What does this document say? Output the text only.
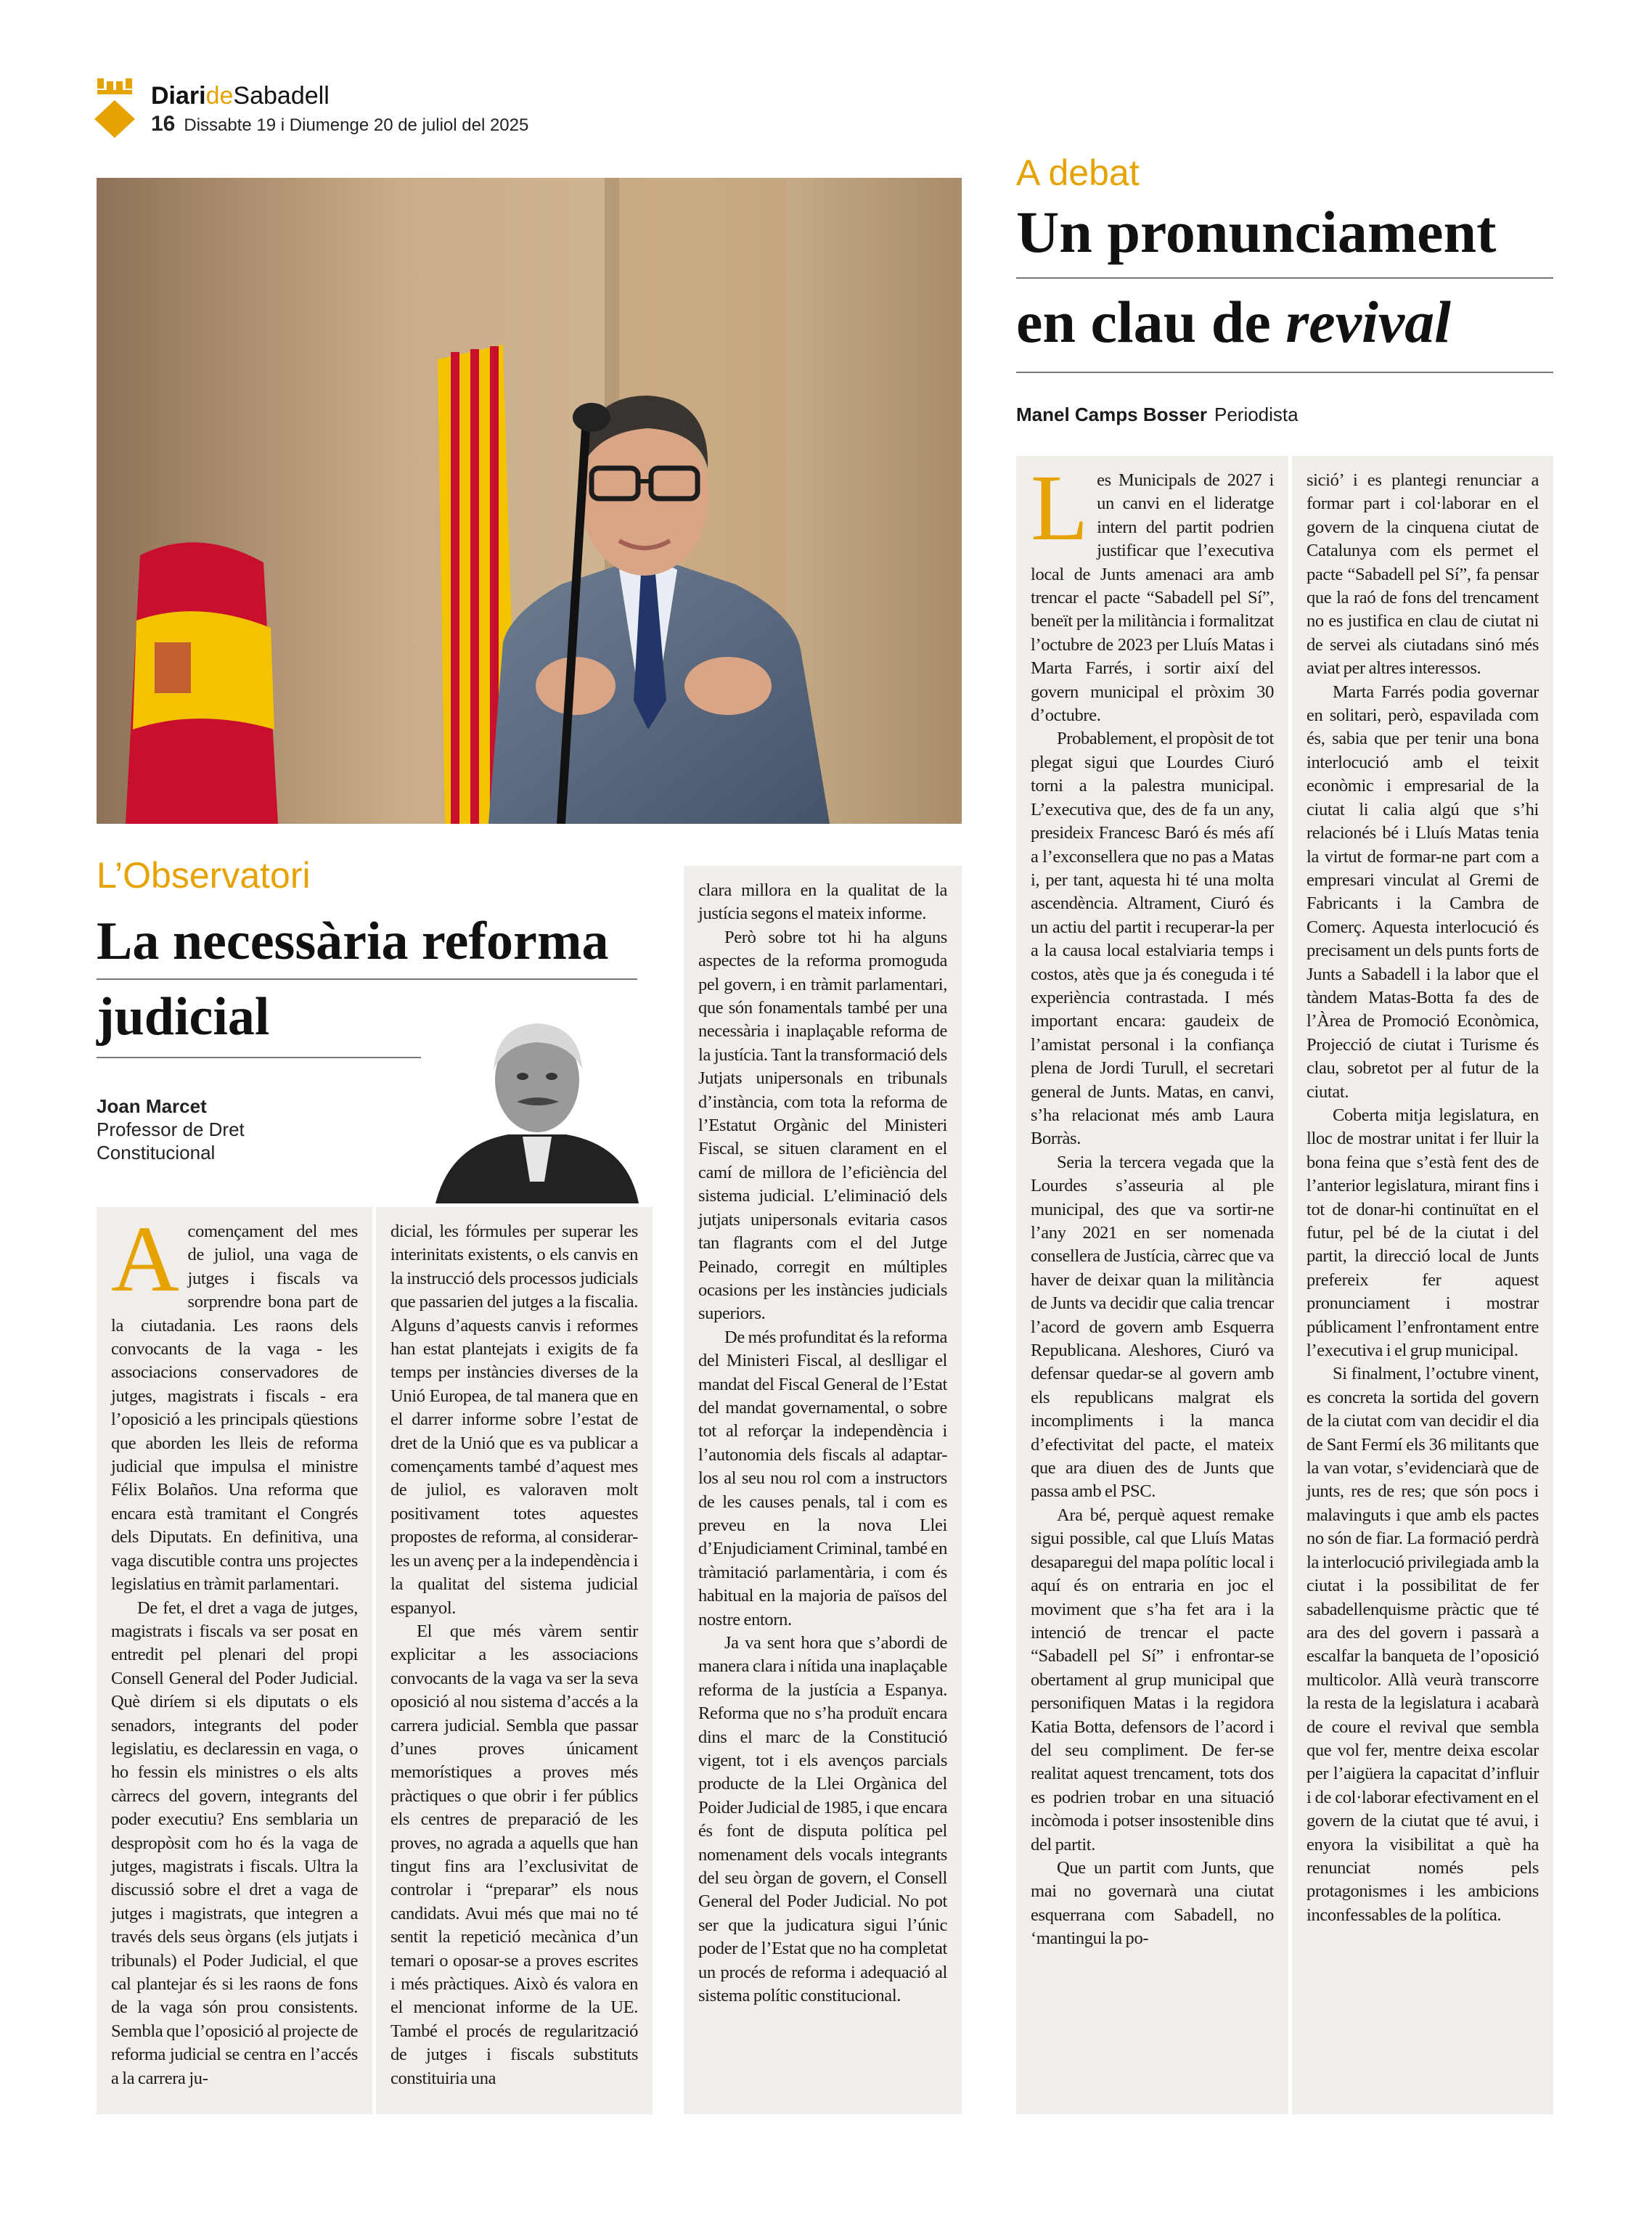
DiarideSabadell
16 Dissabte 19 i Diumenge 20 de juliol del 2025
A debat
Un pronunciament
en clau de revival
Manel Camps Bosser Periodista
L’Observatori
La necessària reforma
judicial
Joan Marcet
Professor de Dret
Constitucional

A començament del mes de juliol, una vaga de jutges i fiscals va sorprendre bona part de la ciutadania. Les raons dels convocants de la vaga - les associacions conservadores de jutges, magistrats i fiscals - era l’oposició a les principals qüestions que aborden les lleis de reforma judicial que impulsa el ministre Félix Bolaños. Una reforma que encara està tramitant el Congrés dels Diputats. En definitiva, una vaga discutible contra uns projectes legislatius en tràmit parlamentari.

De fet, el dret a vaga de jutges, magistrats i fiscals va ser posat en entredit pel plenari del propi Consell General del Poder Judicial. Què diríem si els diputats o els senadors, integrants del poder legislatiu, es declaressin en vaga, o ho fessin els ministres o els alts càrrecs del govern, integrants del poder executiu? Ens semblaria un despropòsit com ho és la vaga de jutges, magistrats i fiscals. Ultra la discussió sobre el dret a vaga de jutges i magistrats, que integren a través dels seus òrgans (els jutjats i tribunals) el Poder Judicial, el que cal plantejar és si les raons de fons de la vaga són prou consistents. Sembla que l’oposició al projecte de reforma judicial se centra en l’accés a la carrera ju-

dicial, les fórmules per superar les interinitats existents, o els canvis en la instrucció dels processos judicials que passarien del jutges a la fiscalia. Alguns d’aquests canvis i reformes han estat plantejats i exigits de fa temps per instàncies diverses de la Unió Europea, de tal manera que en el darrer informe sobre l’estat de dret de la Unió que es va publicar a començaments també d’aquest mes de juliol, es valoraven molt positivament totes aquestes propostes de reforma, al considerar-les un avenç per a la independència i la qualitat del sistema judicial espanyol.

El que més vàrem sentir explicitar a les associacions convocants de la vaga va ser la seva oposició al nou sistema d’accés a la carrera judicial. Sembla que passar d’unes proves únicament memorístiques a proves més pràctiques o que obrir i fer públics els centres de preparació de les proves, no agrada a aquells que han tingut fins ara l’exclusivitat de controlar i “preparar” els nous candidats. Avui més que mai no té sentit la repetició mecànica d’un temari o oposar-se a proves escrites i més pràctiques. Això és valora en el mencionat informe de la UE. També el procés de regularització de jutges i fiscals substituts constituiria una

clara millora en la qualitat de la justícia segons el mateix informe.

Però sobre tot hi ha alguns aspectes de la reforma promoguda pel govern, i en tràmit parlamentari, que són fonamentals també per una necessària i inaplaçable reforma de la justícia. Tant la transformació dels Jutjats unipersonals en tribunals d’instància, com tota la reforma de l’Estatut Orgànic del Ministeri Fiscal, se situen clarament en el camí de millora de l’eficiència del sistema judicial. L’eliminació dels jutjats unipersonals evitaria casos tan flagrants com el del Jutge Peinado, corregit en múltiples ocasions per les instàncies judicials superiors.

De més profunditat és la reforma del Ministeri Fiscal, al deslligar el mandat del Fiscal General de l’Estat del mandat governamental, o sobre tot al reforçar la independència i l’autonomia dels fiscals al adaptar-los al seu nou rol com a instructors de les causes penals, tal i com es preveu en la nova Llei d’Enjudiciament Criminal, també en tràmitació parlamentària, i com és habitual en la majoria de països del nostre entorn.

Ja va sent hora que s’abordi de manera clara i nítida una inaplaçable reforma de la justícia a Espanya. Reforma que no s’ha produït encara dins el marc de la Constitució vigent, tot i els avenços parcials producte de la Llei Orgànica del Poider Judicial de 1985, i que encara és font de disputa política pel nomenament dels vocals integrants del seu òrgan de govern, el Consell General del Poder Judicial. No pot ser que la judicatura sigui l’únic poder de l’Estat que no ha completat un procés de reforma i adequació al sistema polític constitucional.

Les Municipals de 2027 i un canvi en el lideratge intern del partit podrien justificar que l’executiva local de Junts amenaci ara amb trencar el pacte “Sabadell pel Sí”, beneït per la militància i formalitzat l’octubre de 2023 per Lluís Matas i Marta Farrés, i sortir així del govern municipal el pròxim 30 d’octubre.

Probablement, el propòsit de tot plegat sigui que Lourdes Ciuró torni a la palestra municipal. L’executiva que, des de fa un any, presideix Francesc Baró és més afí a l’exconsellera que no pas a Matas i, per tant, aquesta hi té una molta ascendència. Altrament, Ciuró és un actiu del partit i recuperar-la per a la causa local estalviaria temps i costos, atès que ja és coneguda i té experiència contrastada. I més important encara: gaudeix de l’amistat personal i la confiança plena de Jordi Turull, el secretari general de Junts. Matas, en canvi, s’ha relacionat més amb Laura Borràs.

Seria la tercera vegada que la Lourdes s’asseuria al ple municipal, des que va sortir-ne l’any 2021 en ser nomenada consellera de Justícia, càrrec que va haver de deixar quan la militància de Junts va decidir que calia trencar l’acord de govern amb Esquerra Republicana. Aleshores, Ciuró va defensar quedar-se al govern amb els republicans malgrat els incompliments i la manca d’efectivitat del pacte, el mateix que ara diuen des de Junts que passa amb el PSC.

Ara bé, perquè aquest remake sigui possible, cal que Lluís Matas desaparegui del mapa polític local i aquí és on entraria en joc el moviment que s’ha fet ara i la intenció de trencar el pacte “Sabadell pel Sí” i enfrontar-se obertament al grup municipal que personifiquen Matas i la regidora Katia Botta, defensors de l’acord i del seu compliment. De fer-se realitat aquest trencament, tots dos es podrien trobar en una situació incòmoda i potser insostenible dins del partit.

Que un partit com Junts, que mai no governarà una ciutat esquerrana com Sabadell, no ‘mantingui la po-

sició’ i es plantegi renunciar a formar part i col·laborar en el govern de la cinquena ciutat de Catalunya com els permet el pacte “Sabadell pel Sí”, fa pensar que la raó de fons del trencament no es justifica en clau de ciutat ni de servei als ciutadans sinó més aviat per altres interessos.

Marta Farrés podia governar en solitari, però, espavilada com és, sabia que per tenir una bona interlocució amb el teixit econòmic i empresarial de la ciutat li calia algú que s’hi relacionés bé i Lluís Matas tenia la virtut de formar-ne part com a empresari vinculat al Gremi de Fabricants i la Cambra de Comerç. Aquesta interlocució és precisament un dels punts forts de Junts a Sabadell i la labor que el tàndem Matas-Botta fa des de l’Àrea de Promoció Econòmica, Projecció de ciutat i Turisme és clau, sobretot per al futur de la ciutat.

Coberta mitja legislatura, en lloc de mostrar unitat i fer lluir la bona feina que s’està fent des de l’anterior legislatura, mirant fins i tot de donar-hi continuïtat en el futur, pel bé de la ciutat i del partit, la direcció local de Junts prefereix fer aquest pronunciament i mostrar públicament l’enfrontament entre l’executiva i el grup municipal.

Si finalment, l’octubre vinent, es concreta la sortida del govern de la ciutat com van decidir el dia de Sant Fermí els 36 militants que la van votar, s’evidenciarà que de junts, res de res; que són pocs i malavinguts i que amb els pactes no són de fiar. La formació perdrà la interlocució privilegiada amb la ciutat i la possibilitat de fer sabadellenquisme pràctic que té ara des del govern i passarà a escalfar la banqueta de l’oposició multicolor. Allà veurà transcorre la resta de la legislatura i acabarà de coure el revival que sembla que vol fer, mentre deixa escolar per l’aigüera la capacitat d’influir i de col·laborar efectivament en el govern de la ciutat que té avui, i enyora la visibilitat a què ha renunciat només pels protagonismes i les ambicions inconfessables de la política.
